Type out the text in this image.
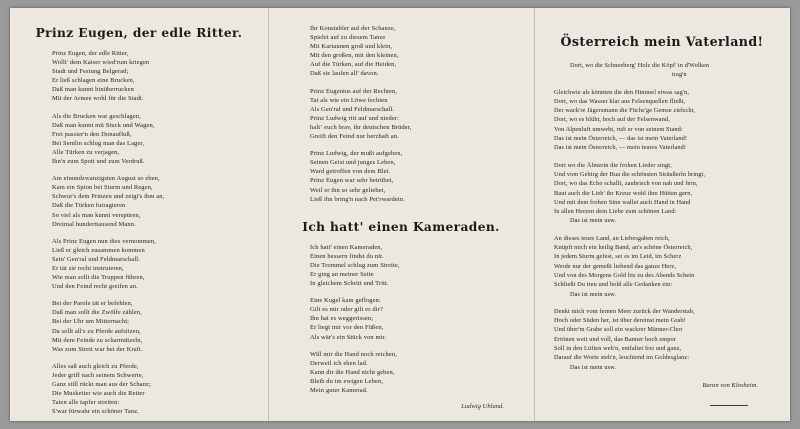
Prinz Eugen, der edle Ritter.
Prinz Eugen, der edle Ritter,
Wollt' dem Kaiser wied'rum kriegen
Stadt und Festung Belgerad;
Er ließ schlagen eine Brucken,
Daß man kunnt hinüberrucken
Mit der Armee wohl für die Stadt.
Als die Brucken war geschlagen,
Daß man kunnt mit Stuck und Wagen,
Frei passier'n den Donaufluß,
Bei Semlin schlug man das Lager,
Alle Türken zu verjagen,
Ihn'n zum Spott und zum Verdruß.
Am einundzwanzigsten August so eben,
Kam ein Spion bei Sturm und Regen,
Schwur's dem Prinzen und zeigt's ihm an,
Daß die Türken futragieren
So viel als man kunnt verspüren,
Dreimal hunderttausend Mann.
Als Prinz Eugen nun dies vernommen,
Ließ er gleich zusammen kommen
Sein' Gen'ral und Feldmarschall.
Er tät sie recht instruieren,
Wie man sollt die Truppen führen,
Und den Feind recht greifen an.
Bei der Parole tät er befehlen,
Daß man sollt die Zwölfe zählen,
Bei der Uhr um Mitternacht;
Da sollt all's zu Pferde aufsitzen,
Mit dem Feinde zu scharmützeln,
Was zum Streit war bei der Kraft.
Alles saß auch gleich zu Pferde,
Jeder griff nach seinem Schwerte,
Ganz still rückt man aus der Schanz;
Die Musketier wie auch die Reiter
Taten alle tapfer streiten:
S'war fürwahr ein schöner Tanz.
Ihr Konstabler auf der Schanze,
Spielet auf zu diesem Tanze
Mit Kartaunen groß und klein,
Mit den großen, mit den kleinen,
Auf die Türken, auf die Heiden,
Daß sie laufen all' davon.
Prinz Eugenius auf der Rechten,
Tat als wie ein Löwe fechten
Als Gen'ral und Feldmarschall.
Prinz Ludwig ritt auf und nieder:
haltʼ euch brav, ihr deutschen Brüder,
Greift den Feind nur herzhaft an.
Prinz Ludwig, der mußt aufgeben,
Seinen Geist und junges Leben,
Ward getroffen von dem Blei.
Prinz Eugen war sehr betrübet,
Weil er ihn so sehr geliebet,
Ließ ihn bring'n nach Pet'rwardein.
Ich hatt' einen Kameraden.
Ich hatt' einen Kameraden,
Einen bessern findst du nit.
Die Trommel schlug zum Streite,
Er ging an meiner Seite
In gleichem Schritt und Tritt.
Eine Kugel kam geflogen:
Gilt es mir oder gilt es dir?
Ihn hat es weggerissen;
Er liegt mir vor den Füßen,
Als wär's ein Stück von mir.
Will mir die Hand noch reichen,
Derweil ich eben lad.
Kann dir die Hand nicht geben,
Bleib du im ewigen Leben,
Mein guter Kamerad.
Ludwig Uhland.
Österreich mein Vaterland!
Dort, wo die Schneeberg' Holz die Köpf' in d'Wolken
trag'n
Gleichwie als könnten die den Himmel etwas sag'n,
Dort, wo das Wasser klar aus Felsenquellen fließt,
Der wack're Jägersmann die Füchs'ge Gemse zielscht,
Dort, wo es blüht, hoch auf der Felsenwand,
Von Alpenluft umweht, ruft er von seinem Stand:
Das ist mein Österreich, — das ist mein Vaterland!
Das ist mein Österreich, — mein teures Vaterland!
Dort wo die Älmerin die frohen Lieder singt,
Und vom Gebirg der Bua die schönsten Sträußerln bringt,
Dort, wo das Echo schallt, zaubrisch von nah und fern,
Baut auch die Lieb' ihr Kreuz wohl ihre Hütten gern,
Und mit dem frohen Sinn wallet auch Hand in Hand
In allen Herzen dein Liebe zum schönen Land:
Das ist mein usw.
An dieses teure Land, an Liebesgaben reich,
Knüpft mich ein heilig Band, an's schöne Österreich,
In jedem Sturm gefest, sei es im Leid, im Scherz
Werde nur der gemeßt liebend das ganze Herz,
Und von des Morgens Gold bis zu des Abends Schein
Schließt Du treu und hold alle Gedanken ein:
Das ist mein usw.
Denkt mich vom fernen Meer zurück der Wanderstab,
Hoch oder Süden her, ist über dereinst mein Grab!
Und über'm Grabe soll ein wackrer Männer-Chor
Ertönen weit und voll, das Banner hoch empor
Soll in den Lüften weh'n, entfaltet frei und ganz,
Darauf die Worte steh'n, leuchtend im Goldesglanz:
Das ist mein usw.
Baron von Klosheim.
